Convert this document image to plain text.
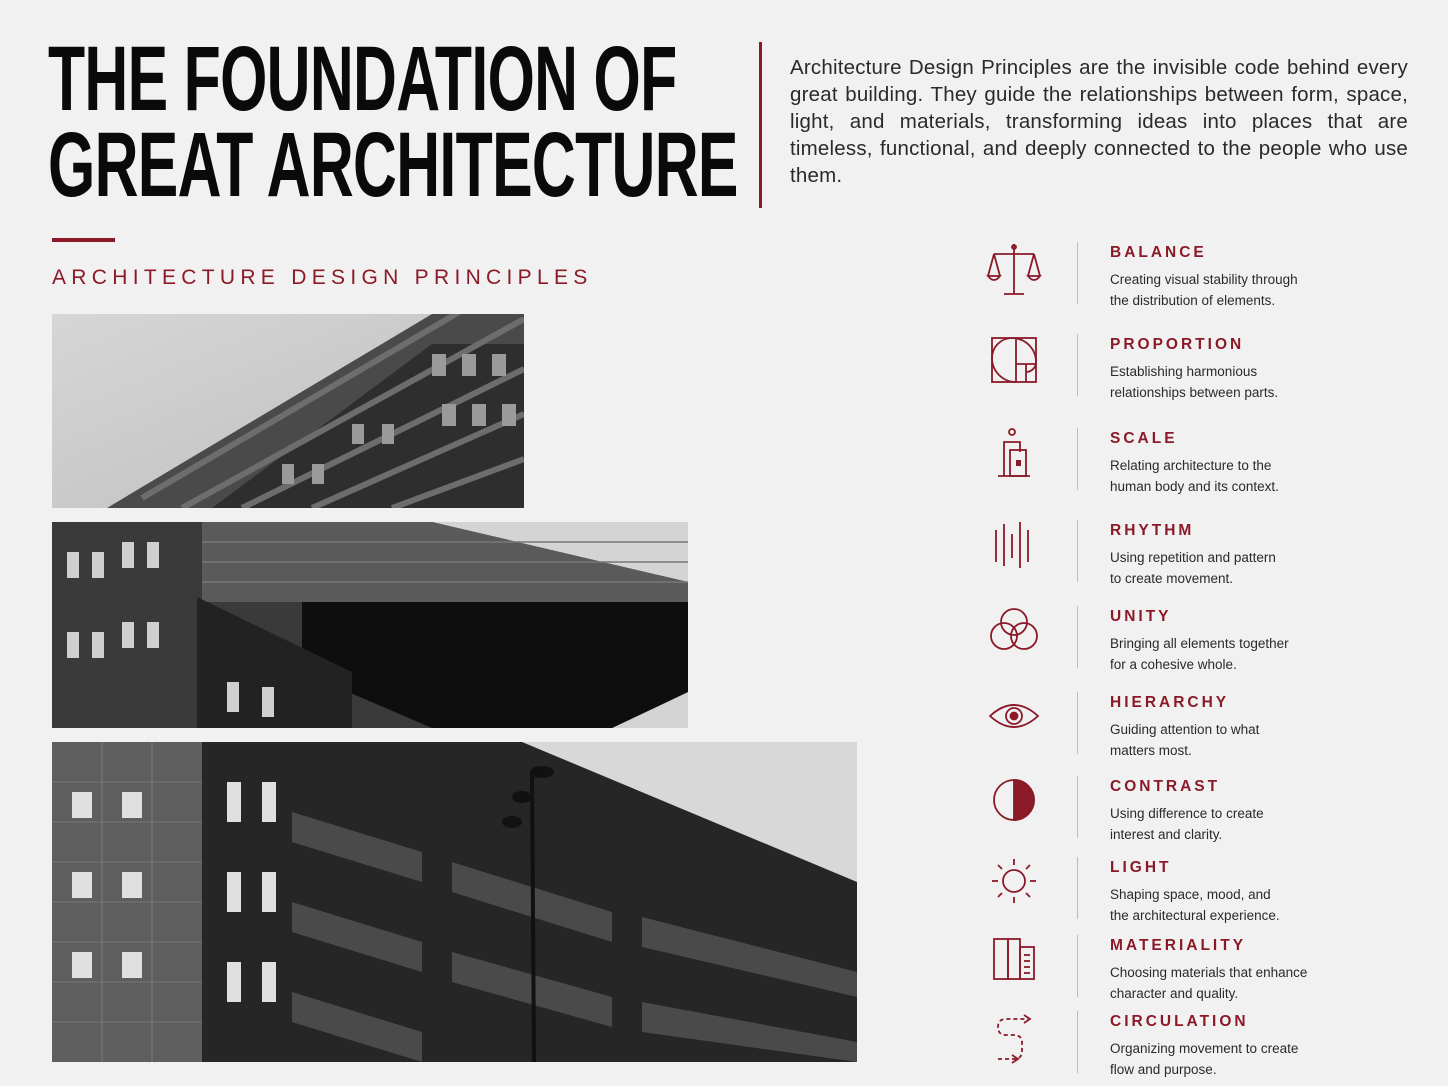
THE FOUNDATION OF
GREAT ARCHITECTURE
ARCHITECTURE DESIGN PRINCIPLES

Architecture Design Principles are the invisible code behind every great building. They guide the relationships between form, space, light, and materials, transforming ideas into places that are timeless, functional, and deeply connected to the people who use them.

BALANCE
Creating visual stability through
the distribution of elements.
PROPORTION
Establishing harmonious
relationships between parts.
SCALE
Relating architecture to the
human body and its context.
RHYTHM
Using repetition and pattern
to create movement.
UNITY
Bringing all elements together
for a cohesive whole.
HIERARCHY
Guiding attention to what
matters most.
CONTRAST
Using difference to create
interest and clarity.
LIGHT
Shaping space, mood, and
the architectural experience.
MATERIALITY
Choosing materials that enhance
character and quality.
CIRCULATION
Organizing movement to create
flow and purpose.
